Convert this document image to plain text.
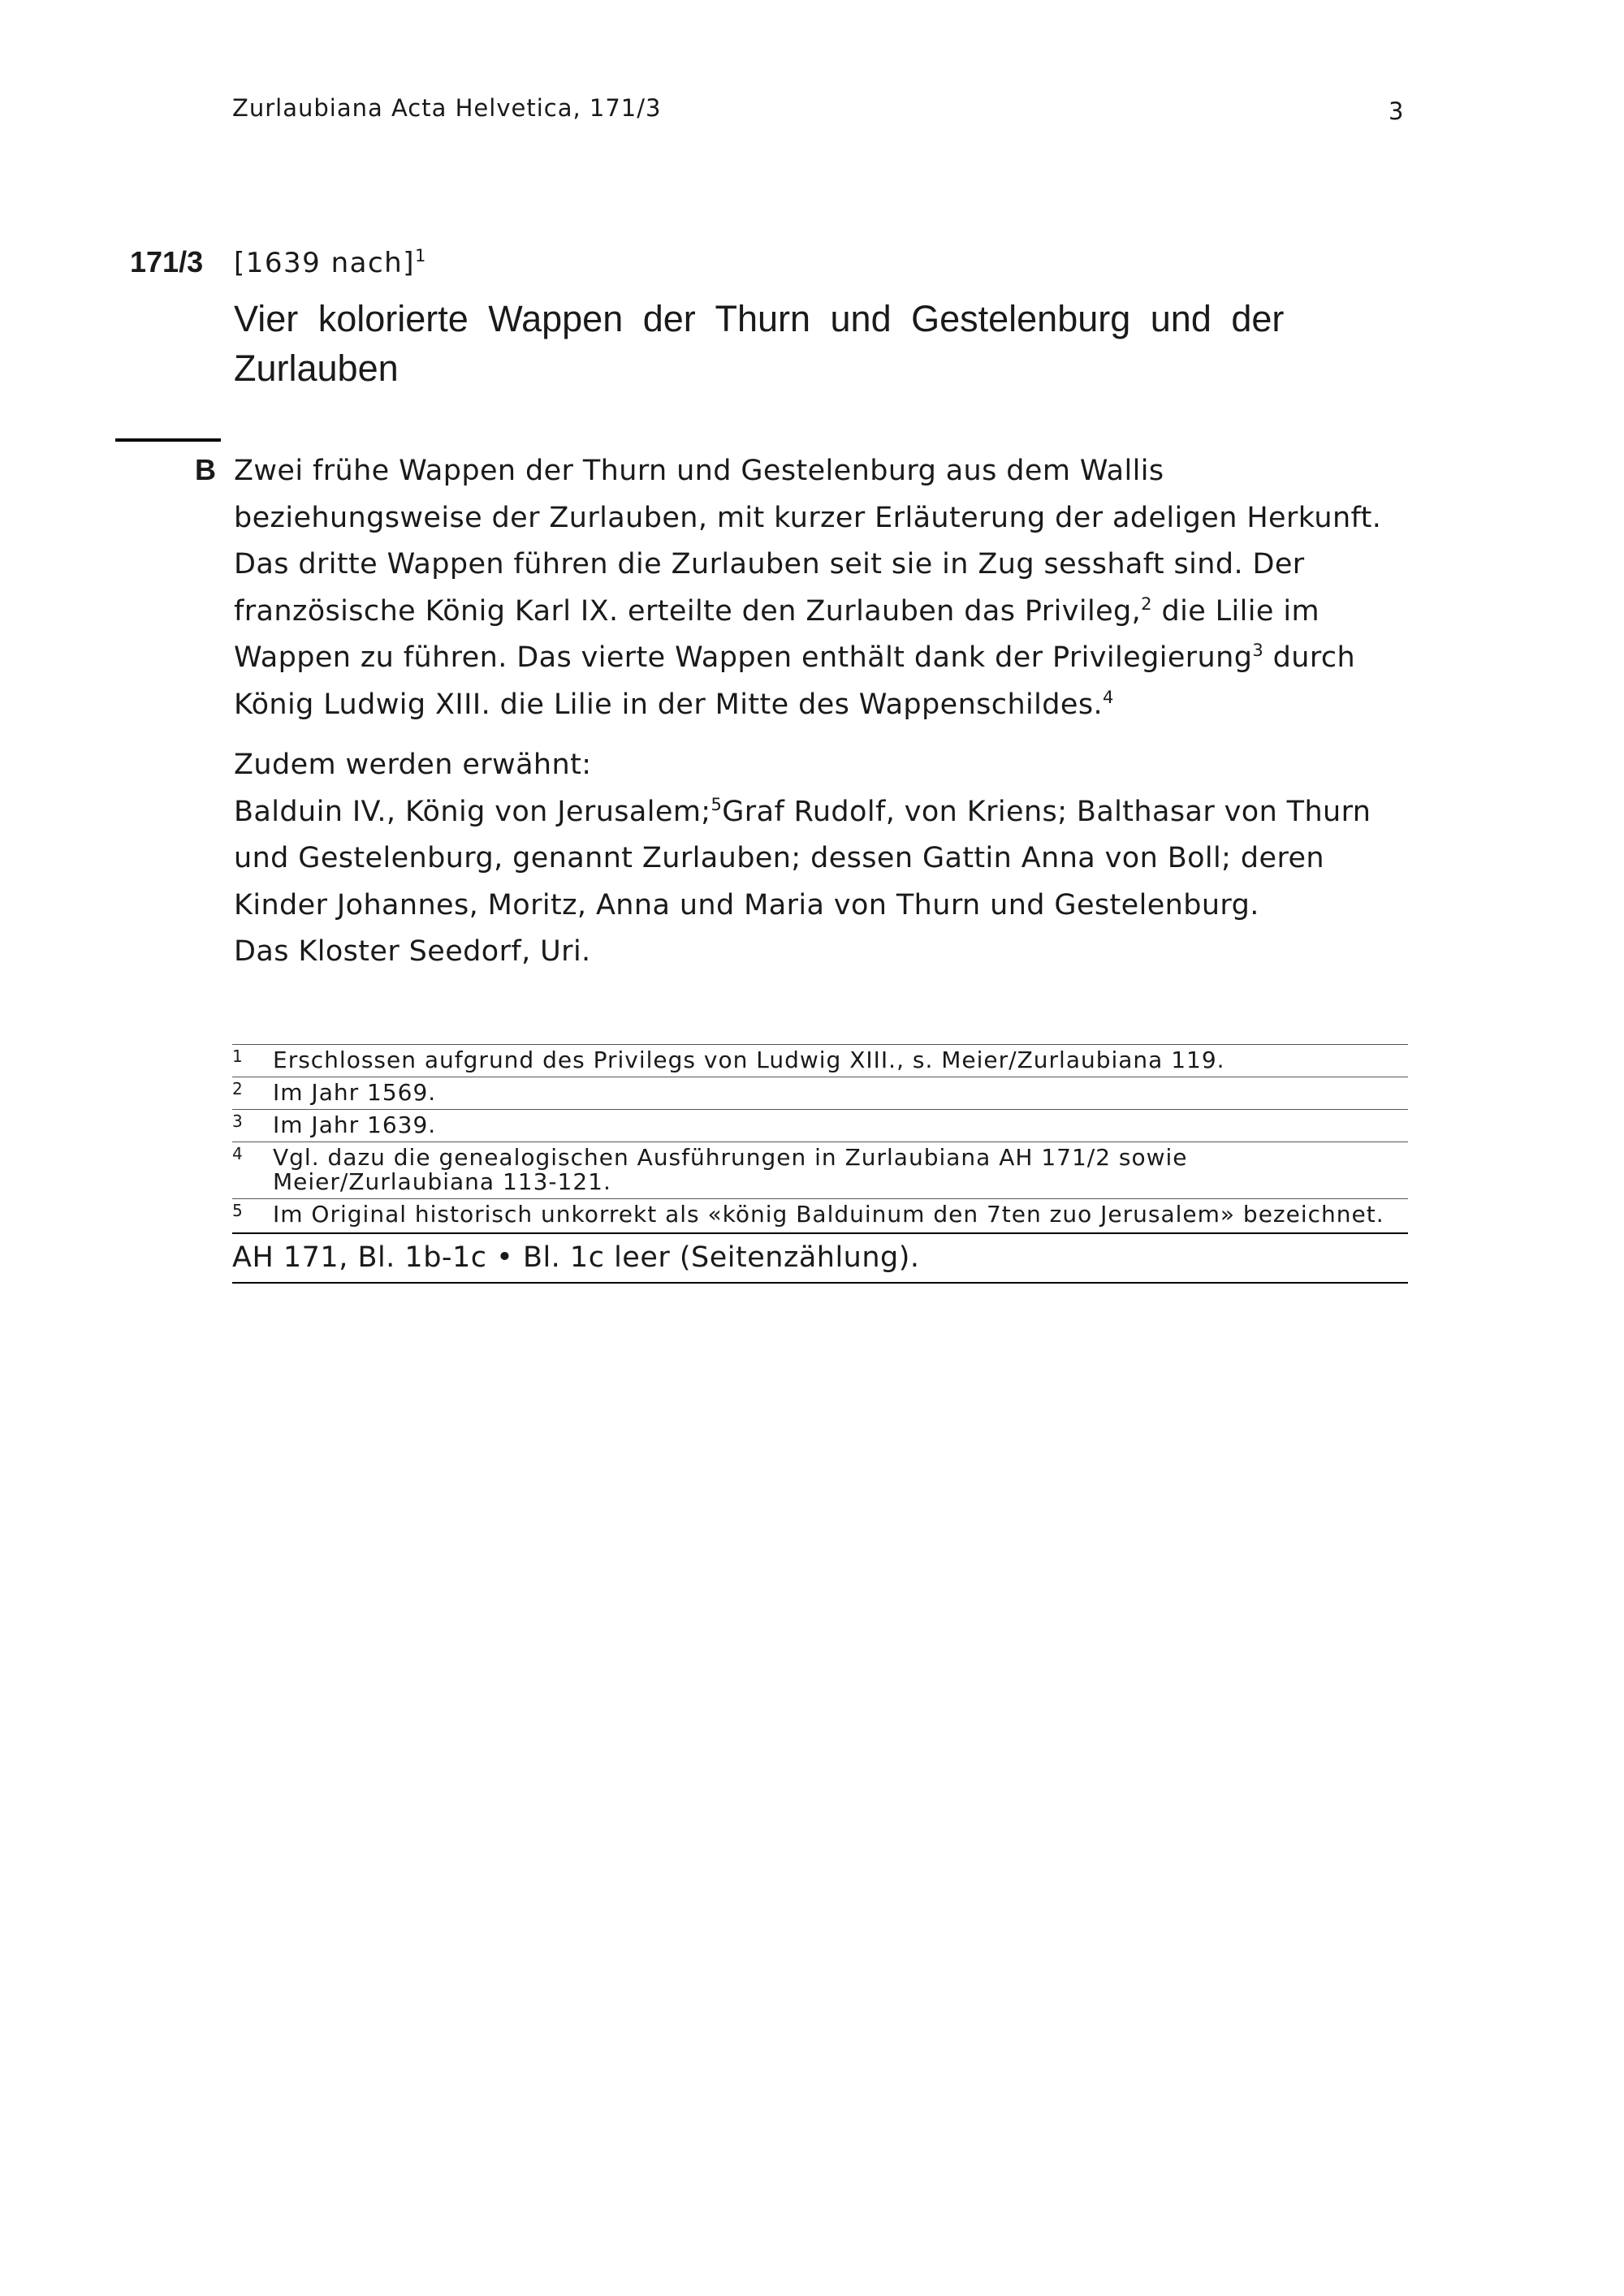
Zurlaubiana Acta Helvetica, 171/3	3
171/3 [1639 nach]$^1$
Vier kolorierte Wappen der Thurn und Gestelenburg und der Zurlauben
B Zwei frühe Wappen der Thurn und Gestelenburg aus dem Wallis beziehungsweise der Zurlauben, mit kurzer Erläuterung der adeligen Herkunft. Das dritte Wappen führen die Zurlauben seit sie in Zug sesshaft sind. Der französische König Karl IX. erteilte den Zurlauben das Privileg,$^2$ die Lilie im Wappen zu führen. Das vierte Wappen enthält dank der Privilegierung$^3$ durch König Ludwig XIII. die Lilie in der Mitte des Wappenschildes.$^4$

Zudem werden erwähnt:

Balduin IV., König von Jerusalem;$^5$Graf Rudolf, von Kriens; Balthasar von Thurn und Gestelenburg, genannt Zurlauben; dessen Gattin Anna von Boll; deren Kinder Johannes, Moritz, Anna und Maria von Thurn und Gestelenburg.

Das Kloster Seedorf, Uri.

1	Erschlossen aufgrund des Privilegs von Ludwig XIII., s. Meier/Zurlaubiana 119.
2	Im Jahr 1569.
3	Im Jahr 1639.
4	Vgl. dazu die genealogischen Ausführungen in Zurlaubiana AH 171/2 sowie Meier/Zurlaubiana 113-121.
5	Im Original historisch unkorrekt als «könig Balduinum den 7ten zuo Jerusalem» bezeichnet.
AH 171, Bl. 1b-1c • Bl. 1c leer (Seitenzählung).
